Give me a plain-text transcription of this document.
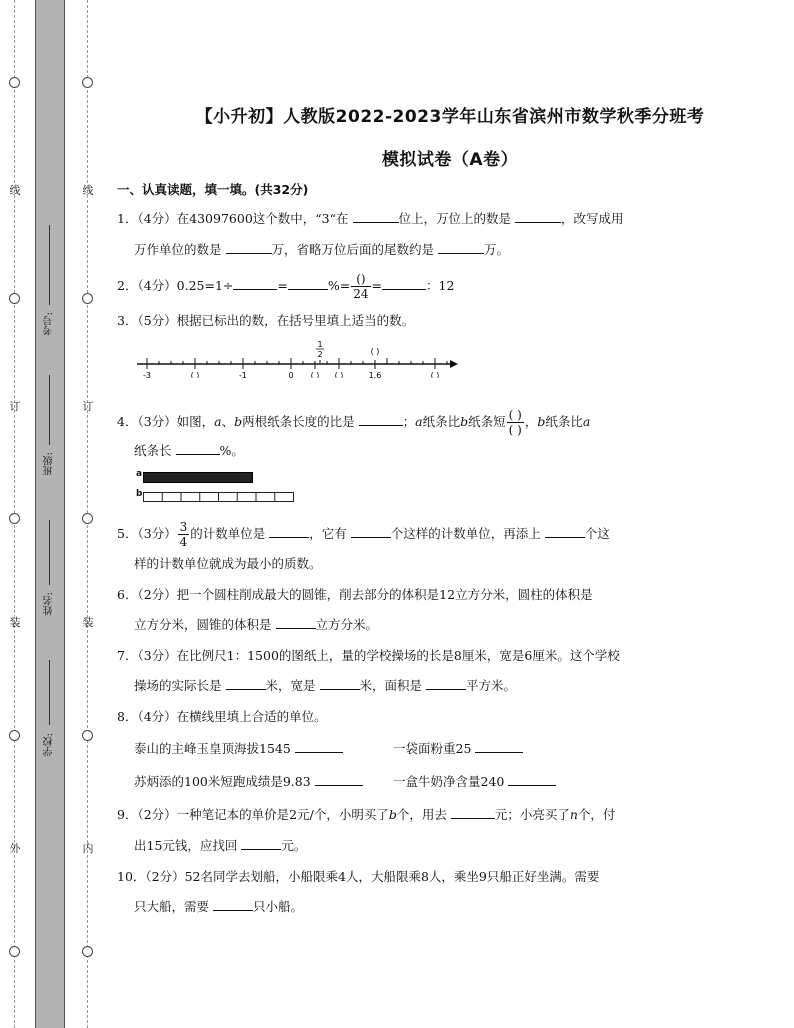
线
订
装
外
线
订
装
内
考号:
班级:
姓名:
学校:
【小升初】人教版2022-2023学年山东省滨州市数学秋季分班考
模拟试卷（A卷）
一、认真读题，填一填。(共32分)
1．（4分）在43097600这个数中，“3“在	位上，万位上的数是	，改写成用
万作单位的数是	万，省略万位后面的尾数约是	万。
2．（4分）0.25=1÷	=	%= $\frac{()}{24}$ =	：12
3．（5分）根据已标出的数，在括号里填上适当的数。
-3	( )	-1	0 ( ) ( )	1.6	( )
1
2	( )
4．（3分）如图，a、b两根纸条长度的比是	；a纸条比b纸条短 $\frac{( )}{( )}$ ，b纸条比a
纸条长	%。
a
b
5．（3分） $\frac{3}{4}$ 的计数单位是	，它有	个这样的计数单位，再添上	个这
样的计数单位就成为最小的质数。
6．（2分）把一个圆柱削成最大的圆锥，削去部分的体积是12立方分米，圆柱的体积是
立方分米，圆锥的体积是	立方分米。
7．（3分）在比例尺1：1500的图纸上，量的学校操场的长是8厘米，宽是6厘米。这个学校
操场的实际长是	米，宽是	米，面积是	平方米。
8．（4分）在横线里填上合适的单位。
泰山的主峰玉皇顶海拔1545	一袋面粉重25
苏炳添的100米短跑成绩是9.83	一盒牛奶净含量240
9．（2分）一种笔记本的单价是2元/个，小明买了b个，用去	元；小亮买了n个，付
出15元钱，应找回	元。
10．（2分）52名同学去划船，小船限乘4人，大船限乘8人，乘坐9只船正好坐满。需要
只大船，需要	只小船。
